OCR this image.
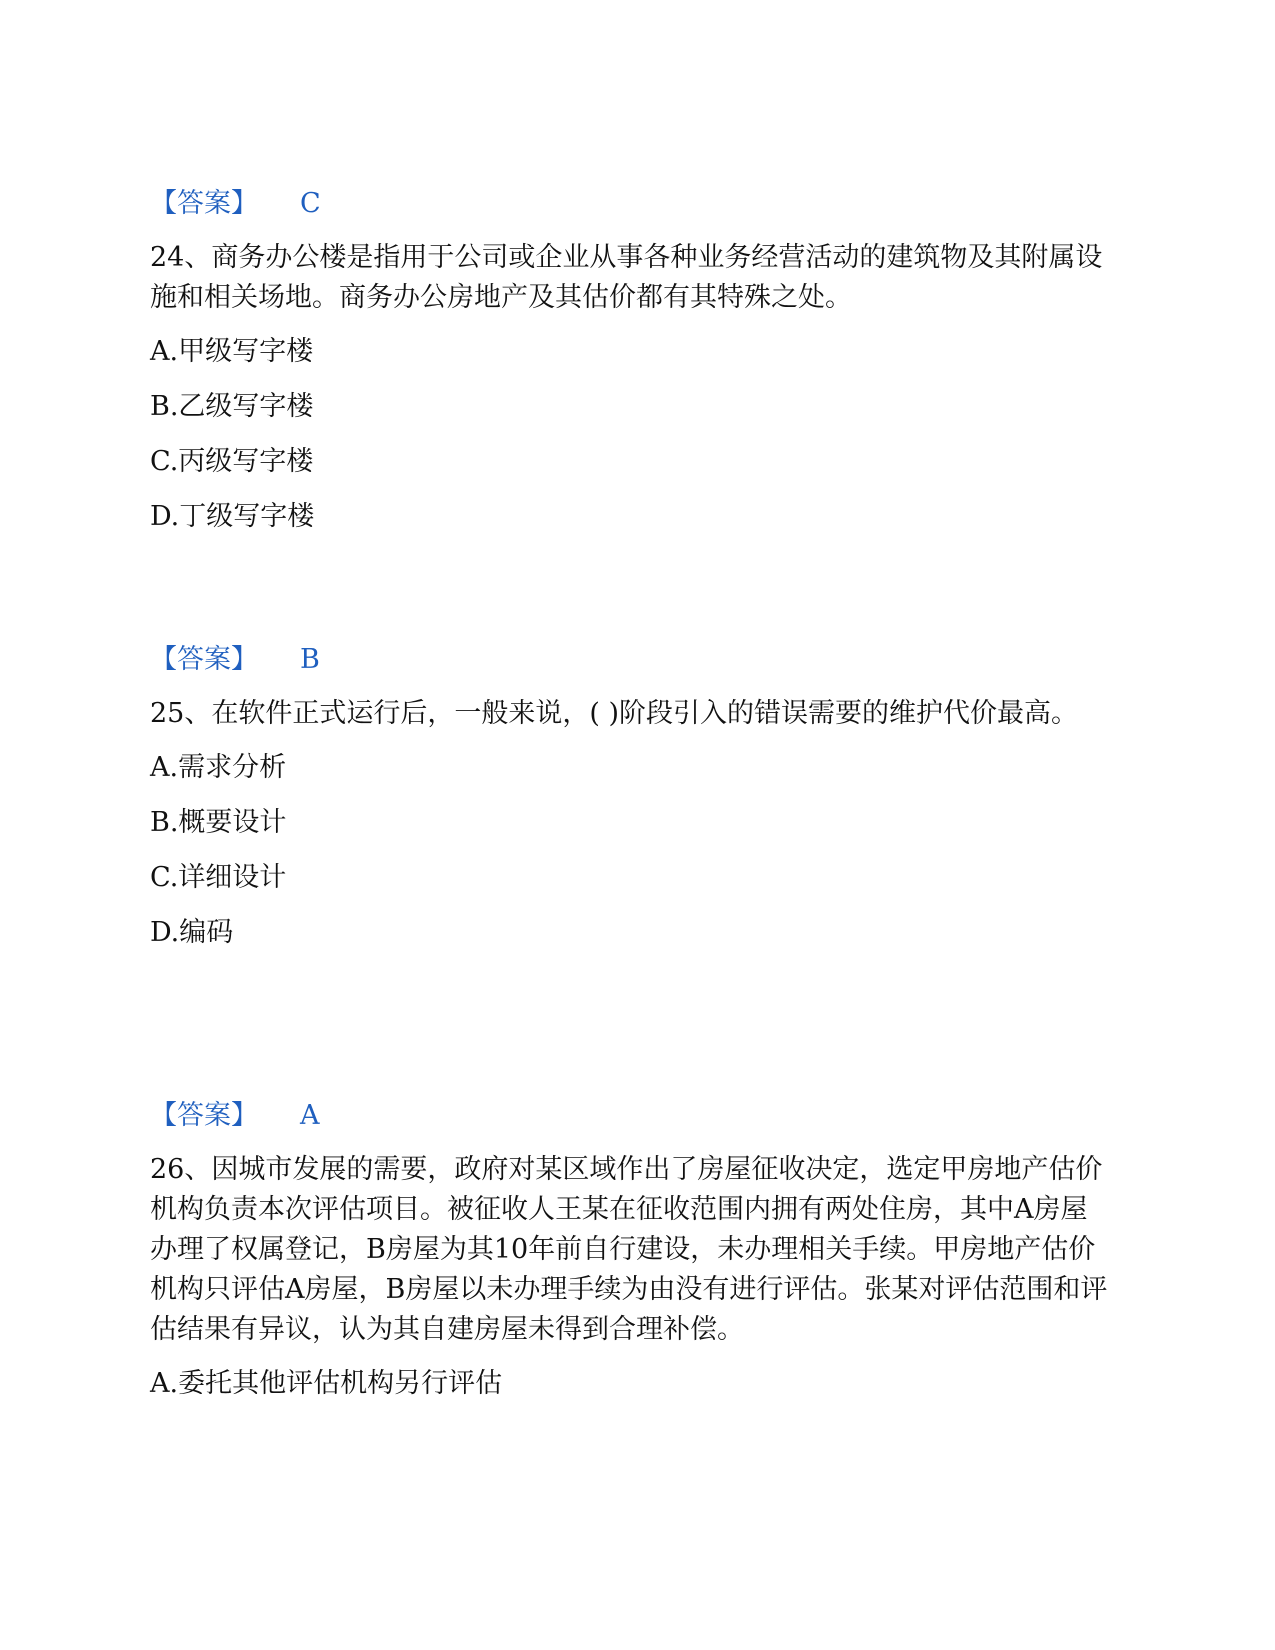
【答案】 C
24、商务办公楼是指用于公司或企业从事各种业务经营活动的建筑物及其附属设施和相关场地。商务办公房地产及其估价都有其特殊之处。
A.甲级写字楼
B.乙级写字楼
C.丙级写字楼
D.丁级写字楼
【答案】 B
25、在软件正式运行后，一般来说，( )阶段引入的错误需要的维护代价最高。
A.需求分析
B.概要设计
C.详细设计
D.编码
【答案】 A
26、因城市发展的需要，政府对某区域作出了房屋征收决定，选定甲房地产估价机构负责本次评估项目。被征收人王某在征收范围内拥有两处住房，其中A房屋办理了权属登记，B房屋为其10年前自行建设，未办理相关手续。甲房地产估价机构只评估A房屋，B房屋以未办理手续为由没有进行评估。张某对评估范围和评估结果有异议，认为其自建房屋未得到合理补偿。
A.委托其他评估机构另行评估
